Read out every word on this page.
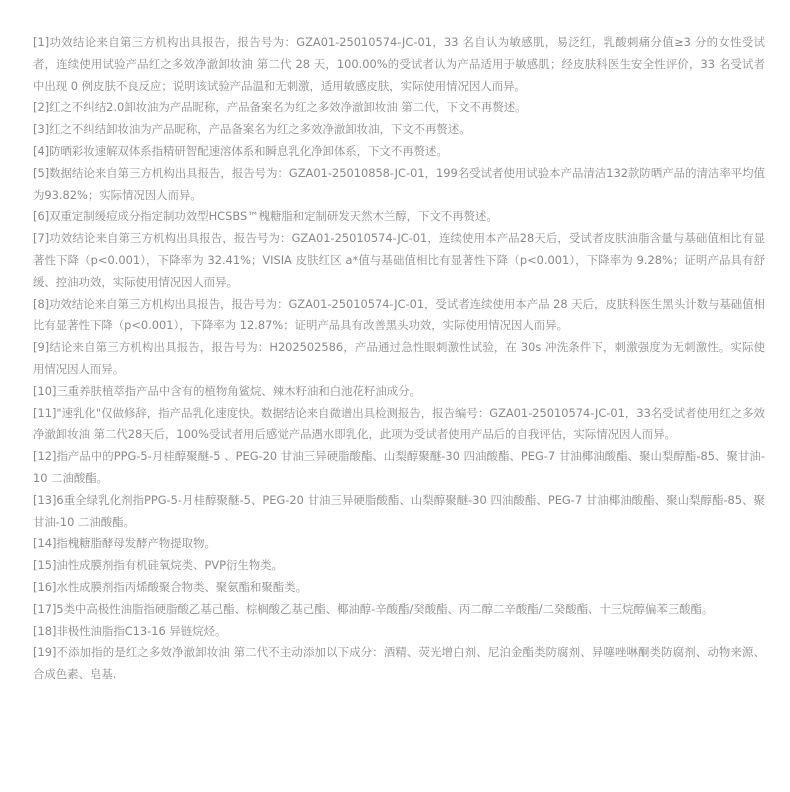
[1]功效结论来自第三方机构出具报告，报告号为：GZA01-25010574-JC-01，33 名自认为敏感肌，易泛红，乳酸刺痛分值≥3 分的女性受试者，连续使用试验产品红之多效净澈卸妆油 第二代 28 天，100.00%的受试者认为产品适用于敏感肌；经皮肤科医生安全性评价，33 名受试者中出现 0 例皮肤不良反应；说明该试验产品温和无刺激，适用敏感皮肤，实际使用情况因人而异。

[2]红之不纠结2.0卸妆油为产品昵称，产品备案名为红之多效净澈卸妆油 第二代，下文不再赘述。

[3]红之不纠结卸妆油为产品昵称，产品备案名为红之多效净澈卸妆油，下文不再赘述。

[4]防晒彩妆速解双体系指精研智配速溶体系和瞬息乳化净卸体系，下文不再赘述。

[5]数据结论来自第三方机构出具报告，报告号为：GZA01-25010858-JC-01，199名受试者使用试验本产品清洁132款防晒产品的清洁率平均值为93.82%；实际情况因人而异。

[6]双重定制缓痘成分指定制功效型HCSBS™槐糖脂和定制研发天然木兰醇，下文不再赘述。

[7]功效结论来自第三方机构出具报告，报告号为：GZA01-25010574-JC-01，连续使用本产品28天后，受试者皮肤油脂含量与基础值相比有显著性下降（p<0.001），下降率为 32.41%；VISIA 皮肤红区 a*值与基础值相比有显著性下降（p<0.001），下降率为 9.28%；证明产品具有舒缓、控油功效，实际使用情况因人而异。

[8]功效结论来自第三方机构出具报告，报告号为：GZA01-25010574-JC-01，受试者连续使用本产品 28 天后，皮肤科医生黑头计数与基础值相比有显著性下降（p<0.001），下降率为 12.87%；证明产品具有改善黑头功效，实际使用情况因人而异。

[9]结论来自第三方机构出具报告，报告号为：H202502586，产品通过急性眼刺激性试验，在 30s 冲洗条件下，刺激强度为无刺激性。实际使用情况因人而异。

[10]三重养肤植萃指产品中含有的植物角鲨烷、辣木籽油和白池花籽油成分。

[11]"速乳化"仅做修辞，指产品乳化速度快。数据结论来自微谱出具检测报告，报告编号：GZA01-25010574-JC-01，33名受试者使用红之多效净澈卸妆油 第二代28天后，100%受试者用后感觉产品遇水即乳化，此项为受试者使用产品后的自我评估，实际情况因人而异。

[12]指产品中的PPG-5-月桂醇聚醚-5 、PEG-20 甘油三异硬脂酸酯、山梨醇聚醚-30 四油酸酯、PEG-7 甘油椰油酸酯、聚山梨醇酯-85、聚甘油-10 二油酸酯。

[13]6重全绿乳化剂指PPG-5-月桂醇聚醚-5、PEG-20 甘油三异硬脂酸酯、山梨醇聚醚-30 四油酸酯、PEG-7 甘油椰油酸酯、聚山梨醇酯-85、聚甘油-10 二油酸酯。

[14]指槐糖脂酵母发酵产物提取物。

[15]油性成膜剂指有机硅氧烷类、PVP衍生物类。

[16]水性成膜剂指丙烯酸聚合物类、聚氨酯和聚酯类。

[17]5类中高极性油脂指硬脂酸乙基己酯、棕榈酸乙基己酯、椰油醇-辛酸酯/癸酸酯、丙二醇二辛酸酯/二癸酸酯、十三烷醇偏苯三酸酯。

[18]非极性油脂指C13-16 异链烷烃。

[19]不添加指的是红之多效净澈卸妆油 第二代不主动添加以下成分：酒精、荧光增白剂、尼泊金酯类防腐剂、异噻唑啉酮类防腐剂、动物来源、合成色素、皂基.
